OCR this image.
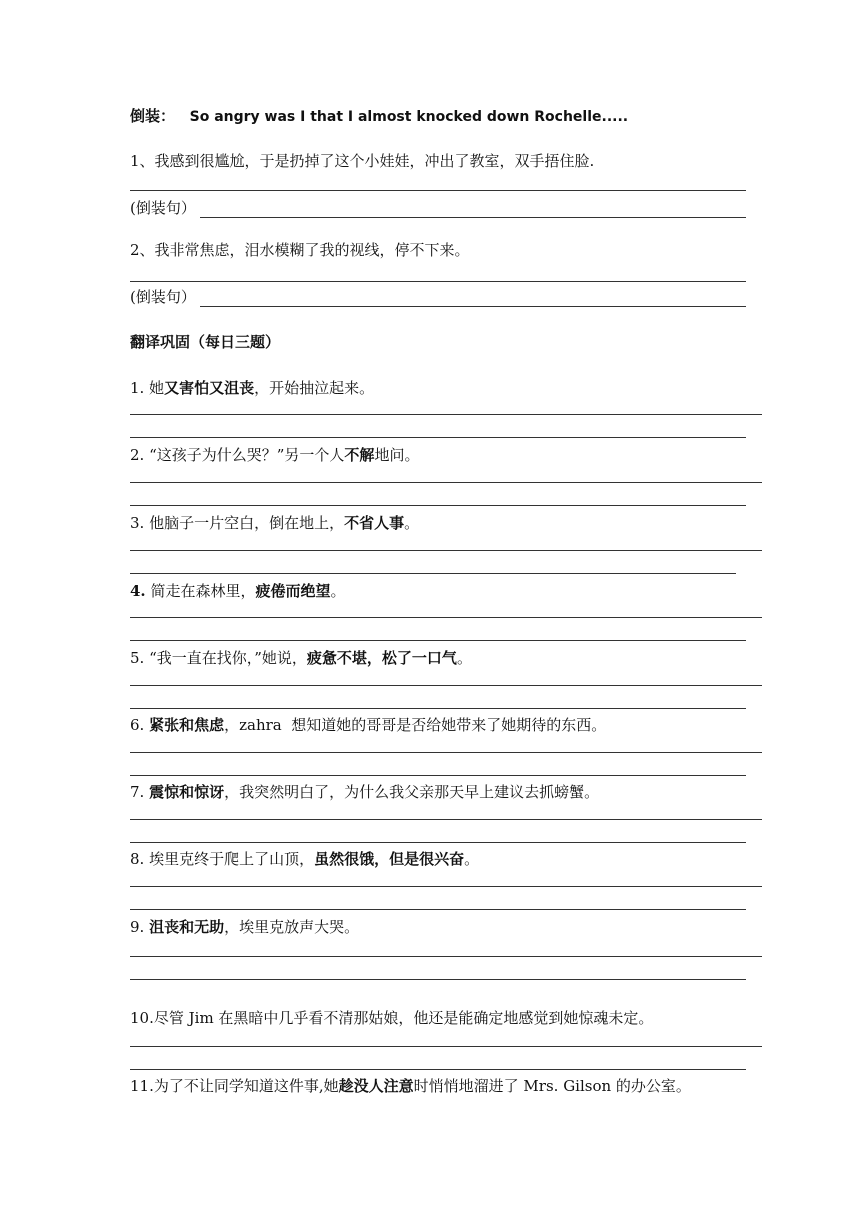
倒装： So angry was I that I almost knocked down Rochelle.....
1、我感到很尴尬，于是扔掉了这个小娃娃，冲出了教室，双手捂住脸.
(倒装句）
2、我非常焦虑，泪水模糊了我的视线，停不下来。
(倒装句）
翻译巩固（每日三题）
1. 她又害怕又沮丧，开始抽泣起来。
2. “这孩子为什么哭？”另一个人不解地问。
3. 他脑子一片空白，倒在地上，不省人事。
4. 简走在森林里，疲倦而绝望。
5. “我一直在找你，”她说，疲惫不堪，松了一口气。
6. 紧张和焦虑，zahra  想知道她的哥哥是否给她带来了她期待的东西。
7. 震惊和惊讶，我突然明白了，为什么我父亲那天早上建议去抓螃蟹。
8. 埃里克终于爬上了山顶，虽然很饿，但是很兴奋。
9. 沮丧和无助，埃里克放声大哭。
10.尽管 Jim 在黑暗中几乎看不清那姑娘，他还是能确定地感觉到她惊魂未定。
11.为了不让同学知道这件事,她趁没人注意时悄悄地溜进了 Mrs. Gilson 的办公室。
